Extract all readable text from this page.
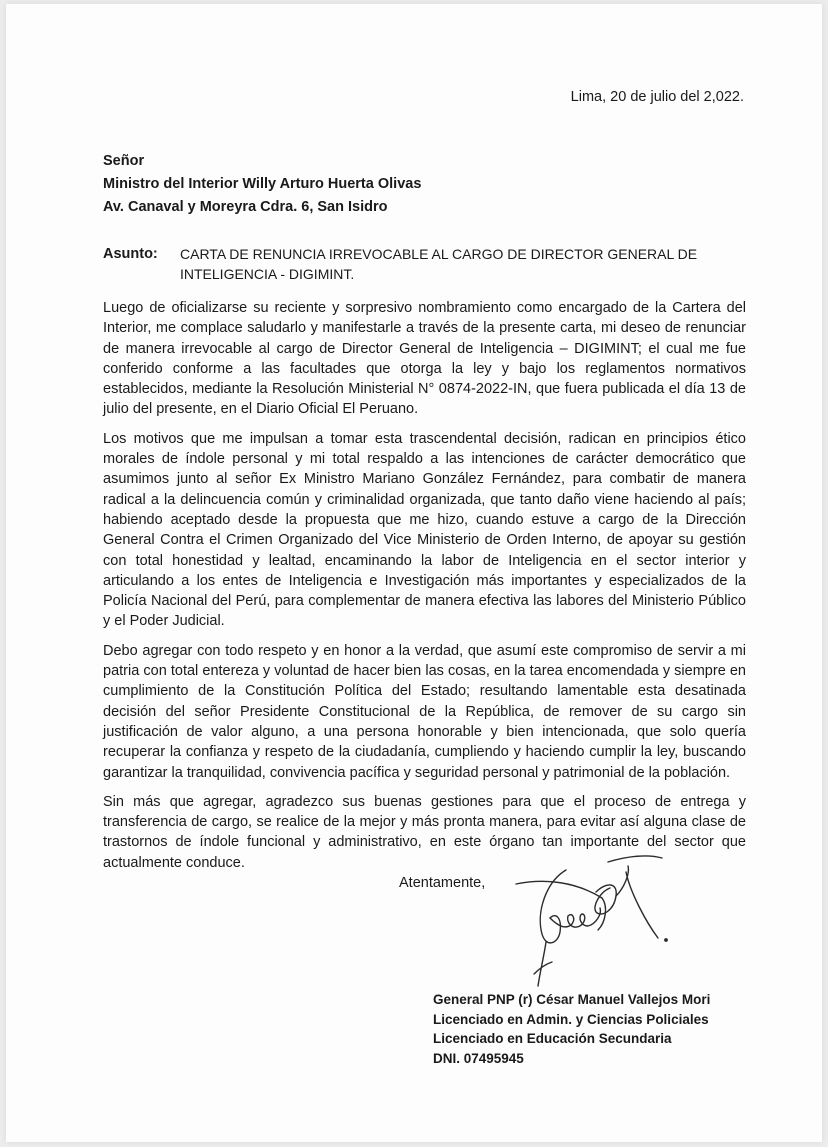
Lima, 20 de julio del 2,022.
Señor
Ministro del Interior Willy Arturo Huerta Olivas
Av. Canaval y Moreyra Cdra. 6, San Isidro
Asunto: CARTA DE RENUNCIA IRREVOCABLE AL CARGO DE DIRECTOR GENERAL DE INTELIGENCIA - DIGIMINT.

Luego de oficializarse su reciente y sorpresivo nombramiento como encargado de la Cartera del Interior, me complace saludarlo y manifestarle a través de la presente carta, mi deseo de renunciar de manera irrevocable al cargo de Director General de Inteligencia – DIGIMINT; el cual me fue conferido conforme a las facultades que otorga la ley y bajo los reglamentos normativos establecidos, mediante la Resolución Ministerial N° 0874-2022-IN, que fuera publicada el día 13 de julio del presente, en el Diario Oficial El Peruano.

Los motivos que me impulsan a tomar esta trascendental decisión, radican en principios ético morales de índole personal y mi total respaldo a las intenciones de carácter democrático que asumimos junto al señor Ex Ministro Mariano González Fernández, para combatir de manera radical a la delincuencia común y criminalidad organizada, que tanto daño viene haciendo al país; habiendo aceptado desde la propuesta que me hizo, cuando estuve a cargo de la Dirección General Contra el Crimen Organizado del Vice Ministerio de Orden Interno, de apoyar su gestión con total honestidad y lealtad, encaminando la labor de Inteligencia en el sector interior y articulando a los entes de Inteligencia e Investigación más importantes y especializados de la Policía Nacional del Perú, para complementar de manera efectiva las labores del Ministerio Público y el Poder Judicial.

Debo agregar con todo respeto y en honor a la verdad, que asumí este compromiso de servir a mi patria con total entereza y voluntad de hacer bien las cosas, en la tarea encomendada y siempre en cumplimiento de la Constitución Política del Estado; resultando lamentable esta desatinada decisión del señor Presidente Constitucional de la República, de remover de su cargo sin justificación de valor alguno, a una persona honorable y bien intencionada, que solo quería recuperar la confianza y respeto de la ciudadanía, cumpliendo y haciendo cumplir la ley, buscando garantizar la tranquilidad, convivencia pacífica y seguridad personal y patrimonial de la población.

Sin más que agregar, agradezco sus buenas gestiones para que el proceso de entrega y transferencia de cargo, se realice de la mejor y más pronta manera, para evitar así alguna clase de trastornos de índole funcional y administrativo, en este órgano tan importante del sector que actualmente conduce.

Atentamente,
General PNP (r) César Manuel Vallejos Mori
Licenciado en Admin. y Ciencias Policiales
Licenciado en Educación Secundaria
DNI. 07495945
